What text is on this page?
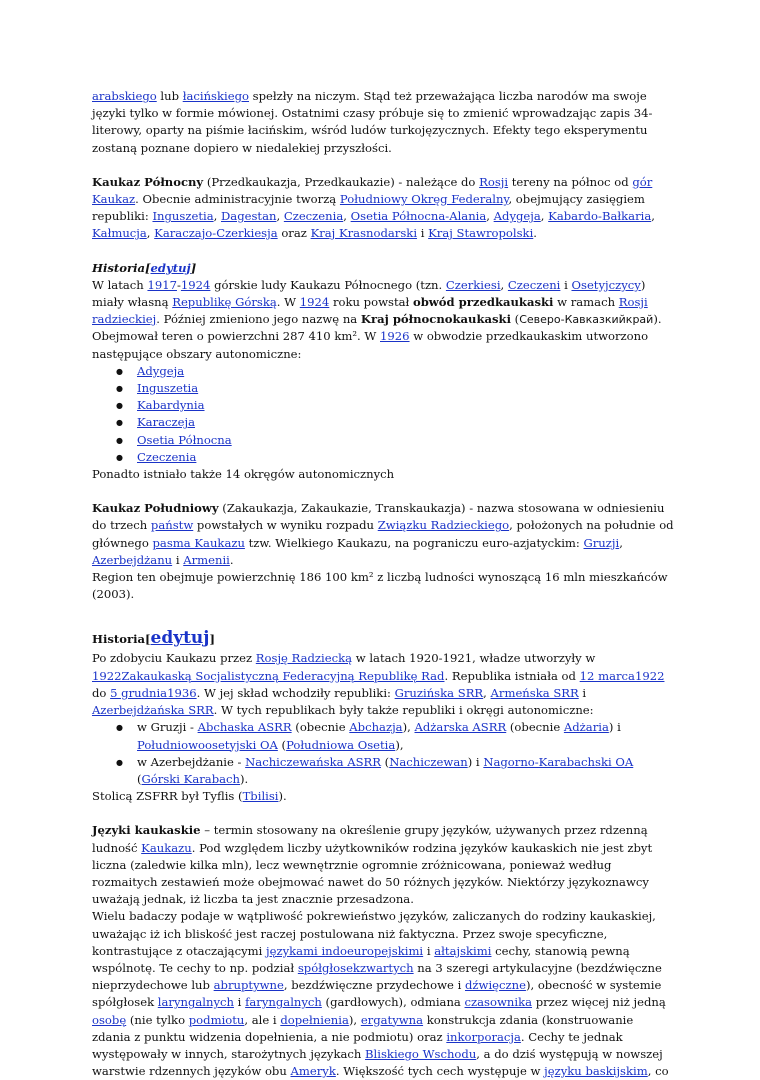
arabskiego lub łacińskiego spełzły na niczym. Stąd też przeważająca liczba narodów ma swoje języki tylko w formie mówionej. Ostatnimi czasy próbuje się to zmienić wprowadzając zapis 34-literowy, oparty na piśmie łacińskim, wśród ludów turkojęzycznych. Efekty tego eksperymentu zostaną poznane dopiero w niedalekiej przyszłości.

Kaukaz Północny (Przedkaukazja, Przedkaukazie) - należące do Rosji tereny na północ od gór Kaukaz. Obecnie administracyjnie tworzą Południowy Okręg Federalny, obejmujący zasięgiem republiki: Inguszetia, Dagestan, Czeczenia, Osetia Północna-Alania, Adygeja, Kabardo-Bałkaria, Kałmucja, Karaczajo-Czerkiesja oraz Kraj Krasnodarski i Kraj Stawropolski.

Historia[edytuj]

W latach 1917-1924 górskie ludy Kaukazu Północnego (tzn. Czerkiesi, Czeczeni i Osetyjczycy) miały własną Republikę Górską. W 1924 roku powstał obwód przedkaukaski w ramach Rosji radzieckiej. Później zmieniono jego nazwę na Kraj północnokaukaski (Северо-Кавказкийкрай). Obejmował teren o powierzchni 287 410 km². W 1926 w obwodzie przedkaukaskim utworzono następujące obszary autonomiczne:

● Adygeja
● Inguszetia
● Kabardynia
● Karaczeja
● Osetia Północna
● Czeczenia

Ponadto istniało także 14 okręgów autonomicznych

Kaukaz Południowy (Zakaukazja, Zakaukazie, Transkaukazja) - nazwa stosowana w odniesieniu do trzech państw powstałych w wyniku rozpadu Związku Radzieckiego, położonych na południe od głównego pasma Kaukazu tzw. Wielkiego Kaukazu, na pograniczu euro-azjatyckim: Gruzji, Azerbejdżanu i Armenii.
Region ten obejmuje powierzchnię 186 100 km² z liczbą ludności wynoszącą 16 mln mieszkańców (2003).

Historia[edytuj]

Po zdobyciu Kaukazu przez Rosję Radziecką w latach 1920-1921, władze utworzyły w 1922Zakaukaską Socjalistyczną Federacyjną Republikę Rad. Republika istniała od 12 marca1922 do 5 grudnia1936. W jej skład wchodziły republiki: Gruzińska SRR, Armeńska SRR i Azerbejdżańska SRR. W tych republikach były także republiki i okręgi autonomiczne:

● w Gruzji - Abchaska ASRR (obecnie Abchazja), Adżarska ASRR (obecnie Adżaria) i Południowoosetyjski OA (Południowa Osetia),
● w Azerbejdżanie - Nachiczewańska ASRR (Nachiczewan) i Nagorno-Karabachski OA (Górski Karabach).

Stolicą ZSFRR był Tyflis (Tbilisi).

Języki kaukaskie – termin stosowany na określenie grupy języków, używanych przez rdzenną ludność Kaukazu. Pod względem liczby użytkowników rodzina języków kaukaskich nie jest zbyt liczna (zaledwie kilka mln), lecz wewnętrznie ogromnie zróżnicowana, ponieważ według rozmaitych zestawień może obejmować nawet do 50 różnych języków. Niektórzy językoznawcy uważają jednak, iż liczba ta jest znacznie przesadzona.
Wielu badaczy podaje w wątpliwość pokrewieństwo języków, zaliczanych do rodziny kaukaskiej, uważając iż ich bliskość jest raczej postulowana niż faktyczna. Przez swoje specyficzne, kontrastujące z otaczającymi językami indoeuropejskimi i ałtajskimi cechy, stanowią pewną wspólnotę. Te cechy to np. podział spółgłosekzwartych na 3 szeregi artykulacyjne (bezdźwięczne nieprzydechowe lub abruptywne, bezdźwięczne przydechowe i dźwięczne), obecność w systemie spółgłosek laryngalnych i faryngalnych (gardłowych), odmiana czasownika przez więcej niż jedną osobę (nie tylko podmiotu, ale i dopełnienia), ergatywna konstrukcja zdania (konstruowanie zdania z punktu widzenia dopełnienia, a nie podmiotu) oraz inkorporacja. Cechy te jednak występowały w innych, starożytnych językach Bliskiego Wschodu, a do dziś występują w nowszej warstwie rdzennych języków obu Ameryk. Większość tych cech występuje w języku baskijskim, co
